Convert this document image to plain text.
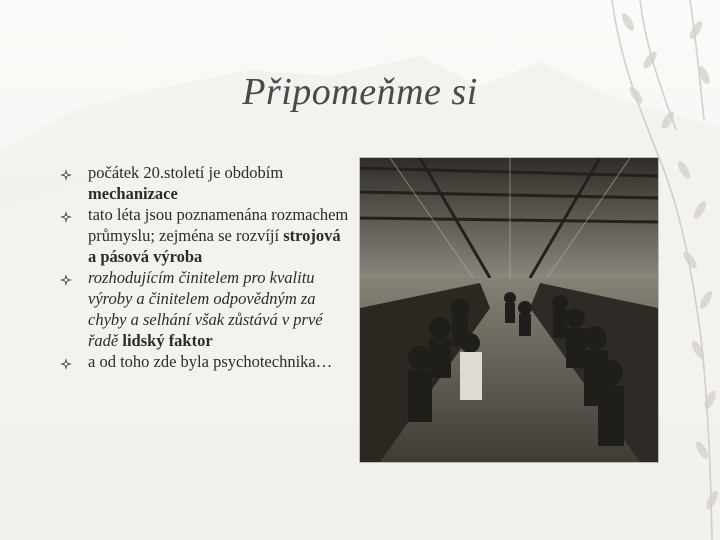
Připomeňme si
počátek 20.století je obdobím mechanizace
tato léta jsou poznamenána rozmachem průmyslu; zejména se rozvíjí strojová a pásová výroba
rozhodujícím činitelem pro kvalitu výroby a činitelem odpovědným za chyby a selhání však zůstává v prvé řadě lidský faktor
a od toho zde byla psychotechnika…
